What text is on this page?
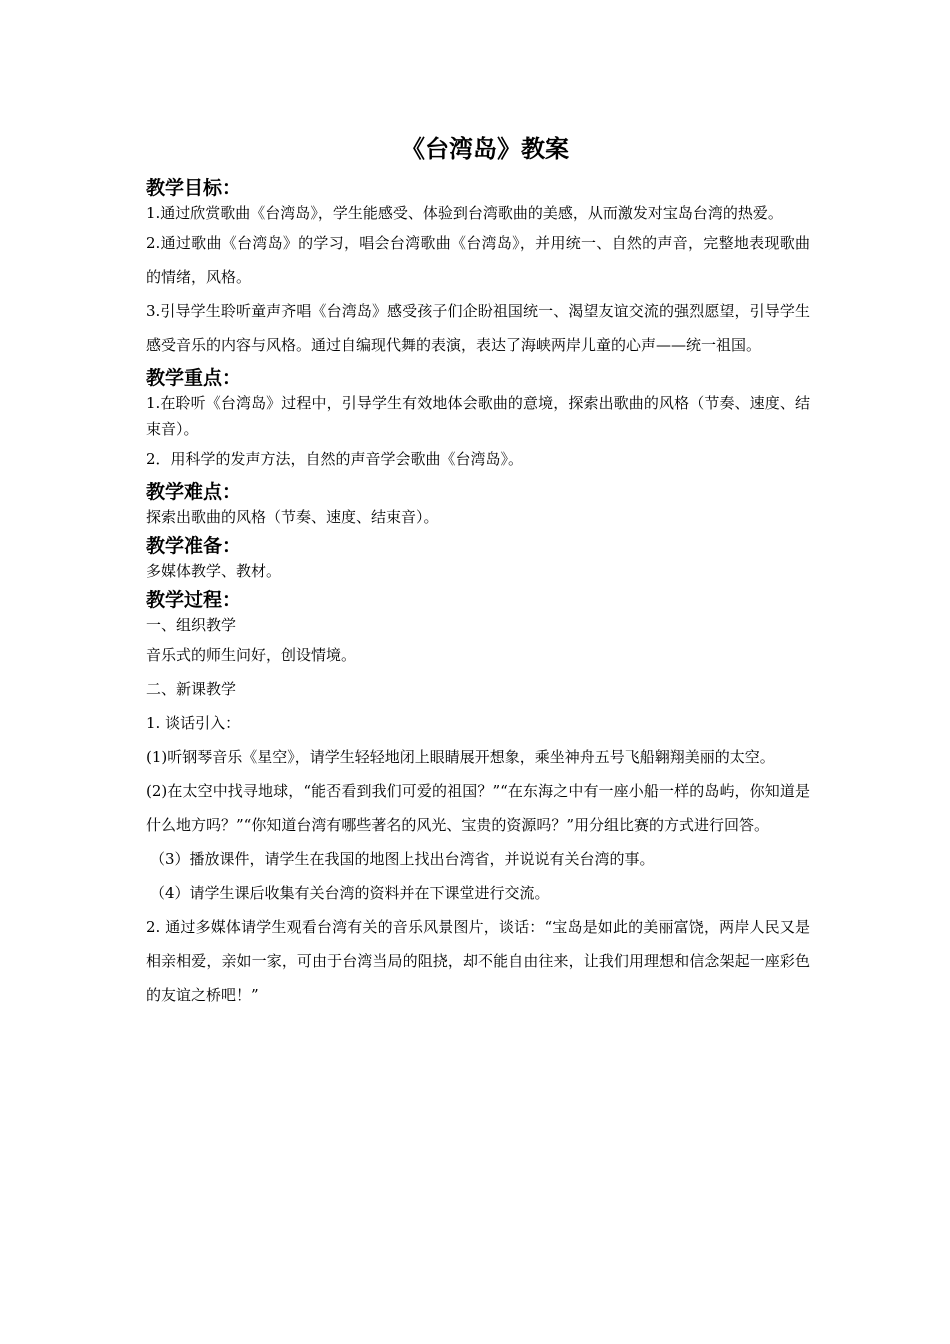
《台湾岛》教案
教学目标：

1.通过欣赏歌曲《台湾岛》，学生能感受、体验到台湾歌曲的美感，从而激发对宝岛台湾的热爱。

2.通过歌曲《台湾岛》的学习，唱会台湾歌曲《台湾岛》，并用统一、自然的声音，完整地表现歌曲的情绪，风格。

3.引导学生聆听童声齐唱《台湾岛》感受孩子们企盼祖国统一、渴望友谊交流的强烈愿望，引导学生感受音乐的内容与风格。通过自编现代舞的表演，表达了海峡两岸儿童的心声——统一祖国。

教学重点：

1.在聆听《台湾岛》过程中，引导学生有效地体会歌曲的意境，探索出歌曲的风格（节奏、速度、结束音）。

2．用科学的发声方法，自然的声音学会歌曲《台湾岛》。

教学难点：

探索出歌曲的风格（节奏、速度、结束音）。

教学准备：

多媒体教学、教材。

教学过程：

一、组织教学

音乐式的师生问好，创设情境。

二、新课教学

1. 谈话引入：

(1)听钢琴音乐《星空》，请学生轻轻地闭上眼睛展开想象，乘坐神舟五号飞船翱翔美丽的太空。

(2)在太空中找寻地球，“能否看到我们可爱的祖国？”“在东海之中有一座小船一样的岛屿，你知道是什么地方吗？”“你知道台湾有哪些著名的风光、宝贵的资源吗？”用分组比赛的方式进行回答。

（3）播放课件，请学生在我国的地图上找出台湾省，并说说有关台湾的事。

（4）请学生课后收集有关台湾的资料并在下课堂进行交流。

2. 通过多媒体请学生观看台湾有关的音乐风景图片，谈话：“宝岛是如此的美丽富饶，两岸人民又是相亲相爱，亲如一家，可由于台湾当局的阻挠，却不能自由往来，让我们用理想和信念架起一座彩色的友谊之桥吧！”
